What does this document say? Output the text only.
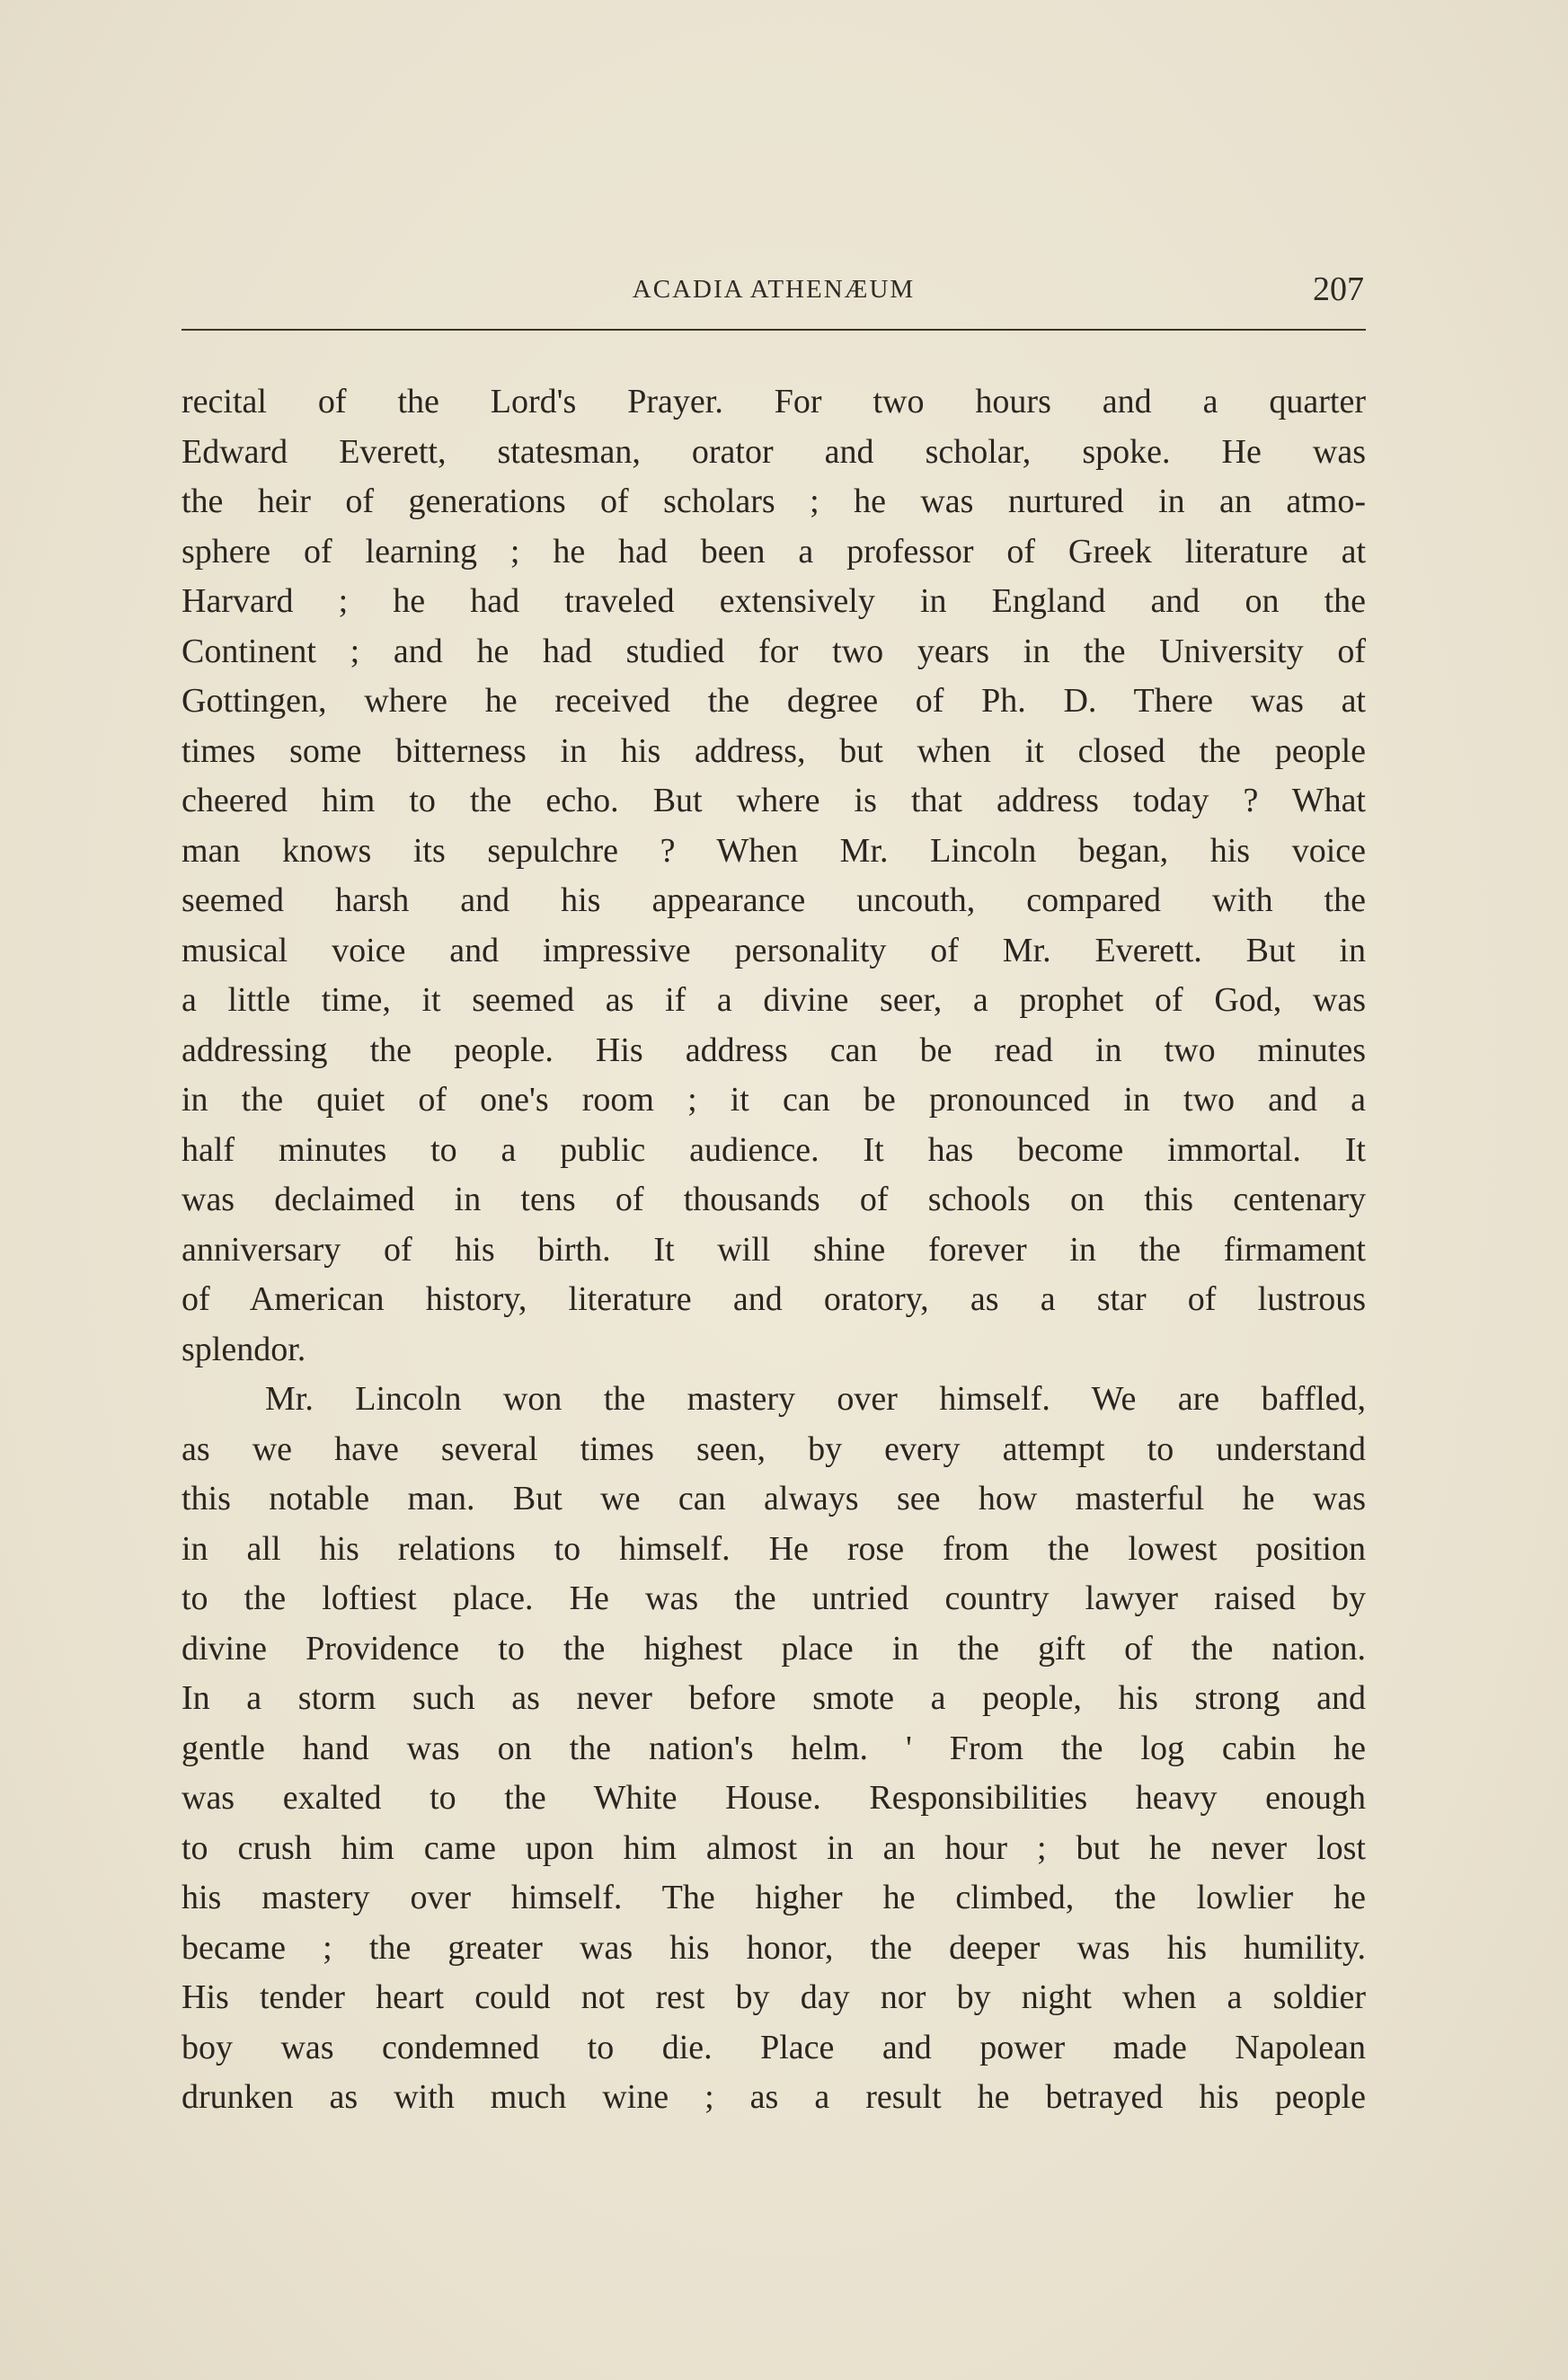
ACADIA ATHENÆUM	207
recital of the Lord's Prayer. For two hours and a quarter
Edward Everett, statesman, orator and scholar, spoke. He was
the heir of generations of scholars ; he was nurtured in an atmo-
sphere of learning ; he had been a professor of Greek literature at
Harvard ; he had traveled extensively in England and on the
Continent ; and he had studied for two years in the University of
Gottingen, where he received the degree of Ph. D. There was at
times some bitterness in his address, but when it closed the people
cheered him to the echo. But where is that address today ? What
man knows its sepulchre ? When Mr. Lincoln began, his voice
seemed harsh and his appearance uncouth, compared with the
musical voice and impressive personality of Mr. Everett. But in
a little time, it seemed as if a divine seer, a prophet of God, was
addressing the people. His address can be read in two minutes
in the quiet of one's room ; it can be pronounced in two and a
half minutes to a public audience. It has become immortal. It
was declaimed in tens of thousands of schools on this centenary
anniversary of his birth. It will shine forever in the firmament
of American history, literature and oratory, as a star of lustrous
splendor.
Mr. Lincoln won the mastery over himself. We are baffled,
as we have several times seen, by every attempt to understand
this notable man. But we can always see how masterful he was
in all his relations to himself. He rose from the lowest position
to the loftiest place. He was the untried country lawyer raised by
divine Providence to the highest place in the gift of the nation.
In a storm such as never before smote a people, his strong and
gentle hand was on the nation's helm. ' From the log cabin he
was exalted to the White House. Responsibilities heavy enough
to crush him came upon him almost in an hour ; but he never lost
his mastery over himself. The higher he climbed, the lowlier he
became ; the greater was his honor, the deeper was his humility.
His tender heart could not rest by day nor by night when a soldier
boy was condemned to die. Place and power made Napolean
drunken as with much wine ; as a result he betrayed his people
